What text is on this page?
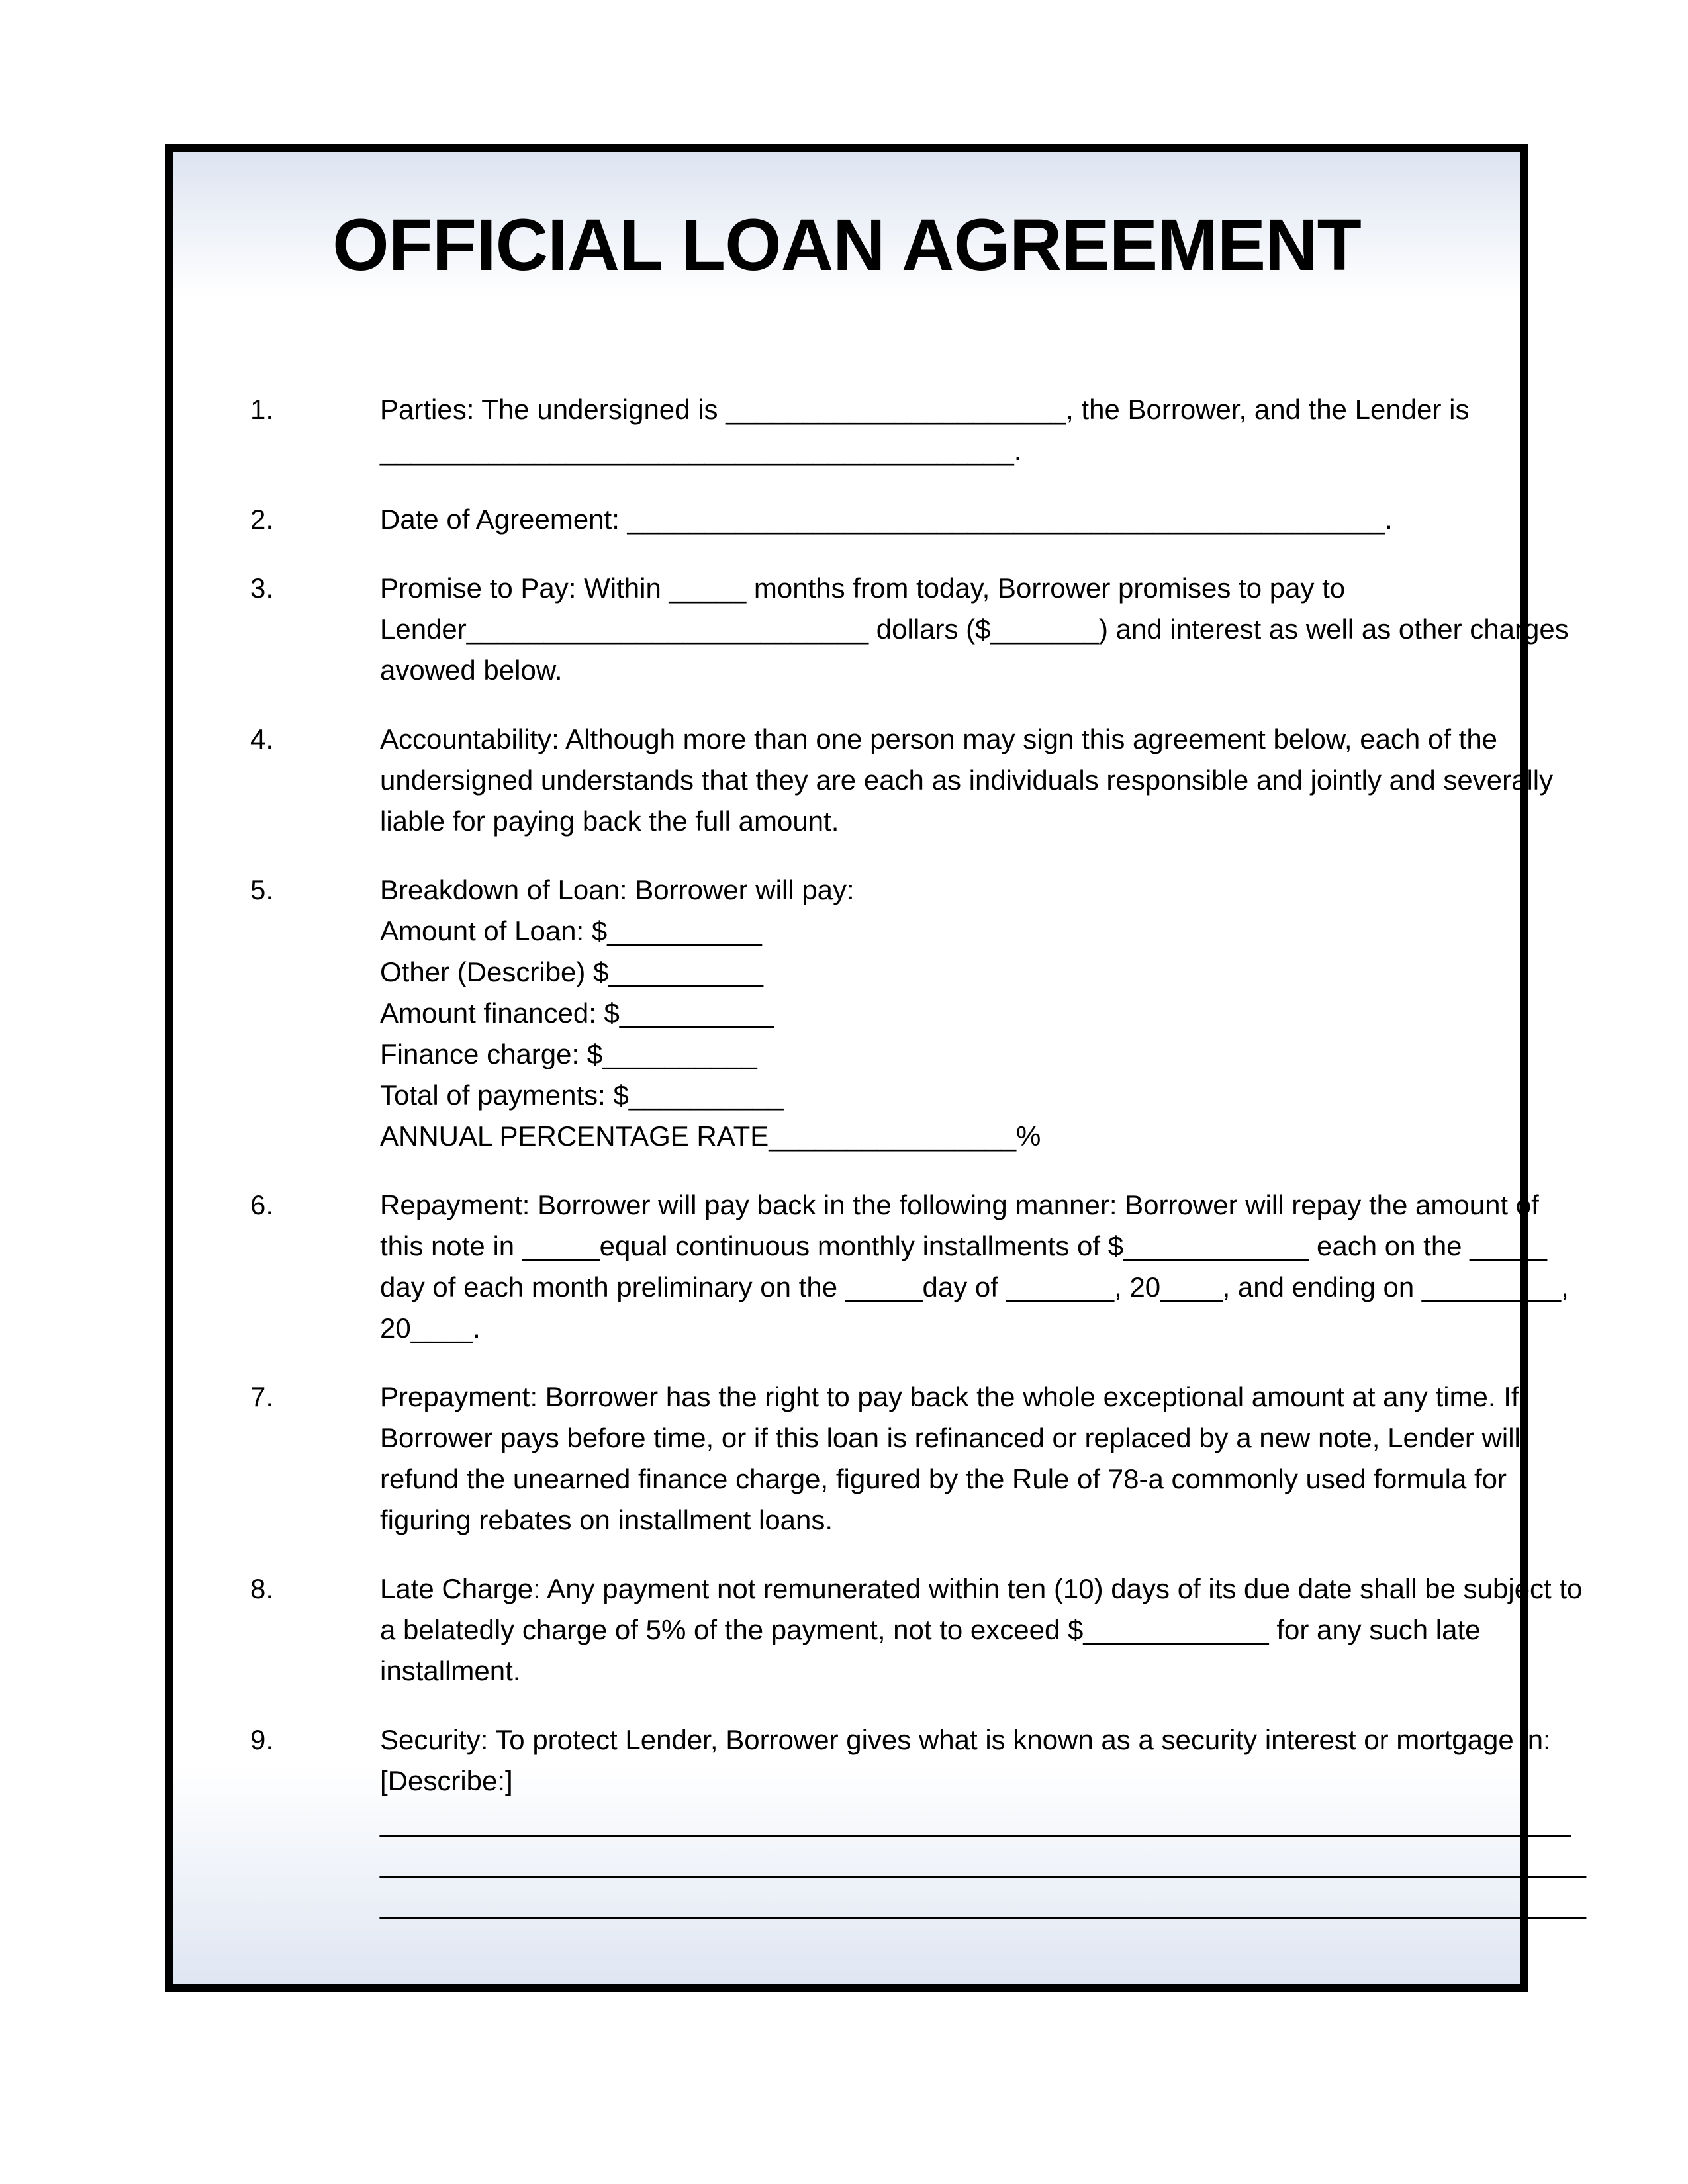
OFFICIAL LOAN AGREEMENT
1.	Parties: The undersigned is ______________________, the Borrower, and the Lender is
_________________________________________.
2.	Date of Agreement: _________________________________________________.
3.	Promise to Pay: Within _____ months from today, Borrower promises to pay to
Lender__________________________ dollars ($_______) and interest as well as other charges
avowed below.
4.	Accountability: Although more than one person may sign this agreement below, each of the
undersigned understands that they are each as individuals responsible and jointly and severally
liable for paying back the full amount.
5.	Breakdown of Loan: Borrower will pay:
Amount of Loan: $__________
Other (Describe) $__________
Amount financed: $__________
Finance charge: $__________
Total of payments: $__________
ANNUAL PERCENTAGE RATE________________%
6.	Repayment: Borrower will pay back in the following manner: Borrower will repay the amount of
this note in _____equal continuous monthly installments of $____________ each on the _____
day of each month preliminary on the _____day of _______, 20____, and ending on _________,
20____.
7.	Prepayment: Borrower has the right to pay back the whole exceptional amount at any time. If
Borrower pays before time, or if this loan is refinanced or replaced by a new note, Lender will
refund the unearned finance charge, figured by the Rule of 78-a commonly used formula for
figuring rebates on installment loans.
8.	Late Charge: Any payment not remunerated within ten (10) days of its due date shall be subject to
a belatedly charge of 5% of the payment, not to exceed $____________ for any such late
installment.
9.	Security: To protect Lender, Borrower gives what is known as a security interest or mortgage in:
[Describe:]
_____________________________________________________________________________
______________________________________________________________________________
______________________________________________________________________________
